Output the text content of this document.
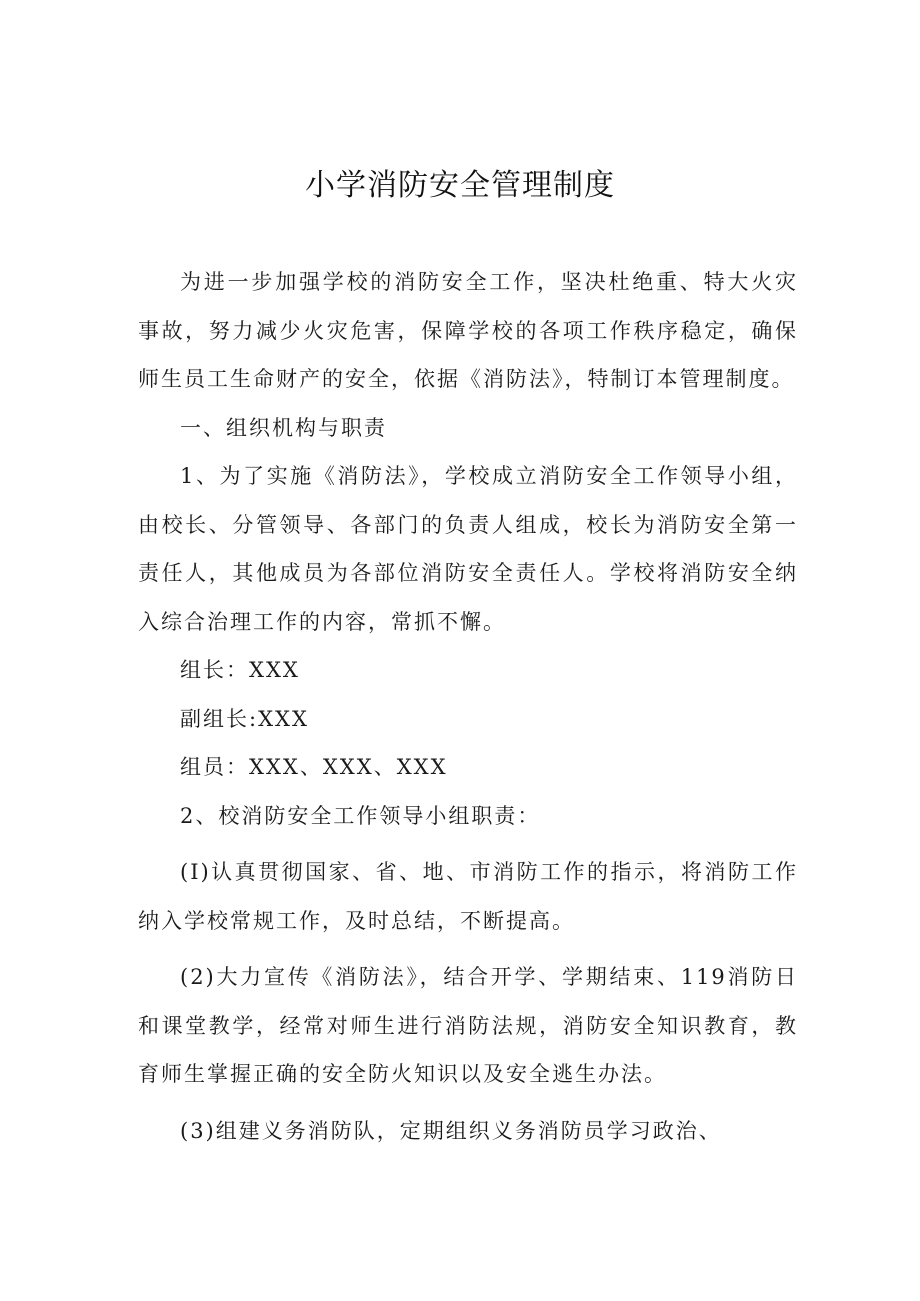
小学消防安全管理制度

为进一步加强学校的消防安全工作，坚决杜绝重、特大火灾事故，努力减少火灾危害，保障学校的各项工作秩序稳定，确保师生员工生命财产的安全，依据《消防法》，特制订本管理制度。

一、组织机构与职责

1、为了实施《消防法》，学校成立消防安全工作领导小组，由校长、分管领导、各部门的负责人组成，校长为消防安全第一责任人，其他成员为各部位消防安全责任人。学校将消防安全纳入综合治理工作的内容，常抓不懈。

组长：XXX

副组长:XXX

组员：XXX、XXX、XXX

2、校消防安全工作领导小组职责：

(I)认真贯彻国家、省、地、市消防工作的指示，将消防工作纳入学校常规工作，及时总结，不断提高。

(2)大力宣传《消防法》，结合开学、学期结束、119消防日和课堂教学，经常对师生进行消防法规，消防安全知识教育，教育师生掌握正确的安全防火知识以及安全逃生办法。

(3)组建义务消防队，定期组织义务消防员学习政治、
